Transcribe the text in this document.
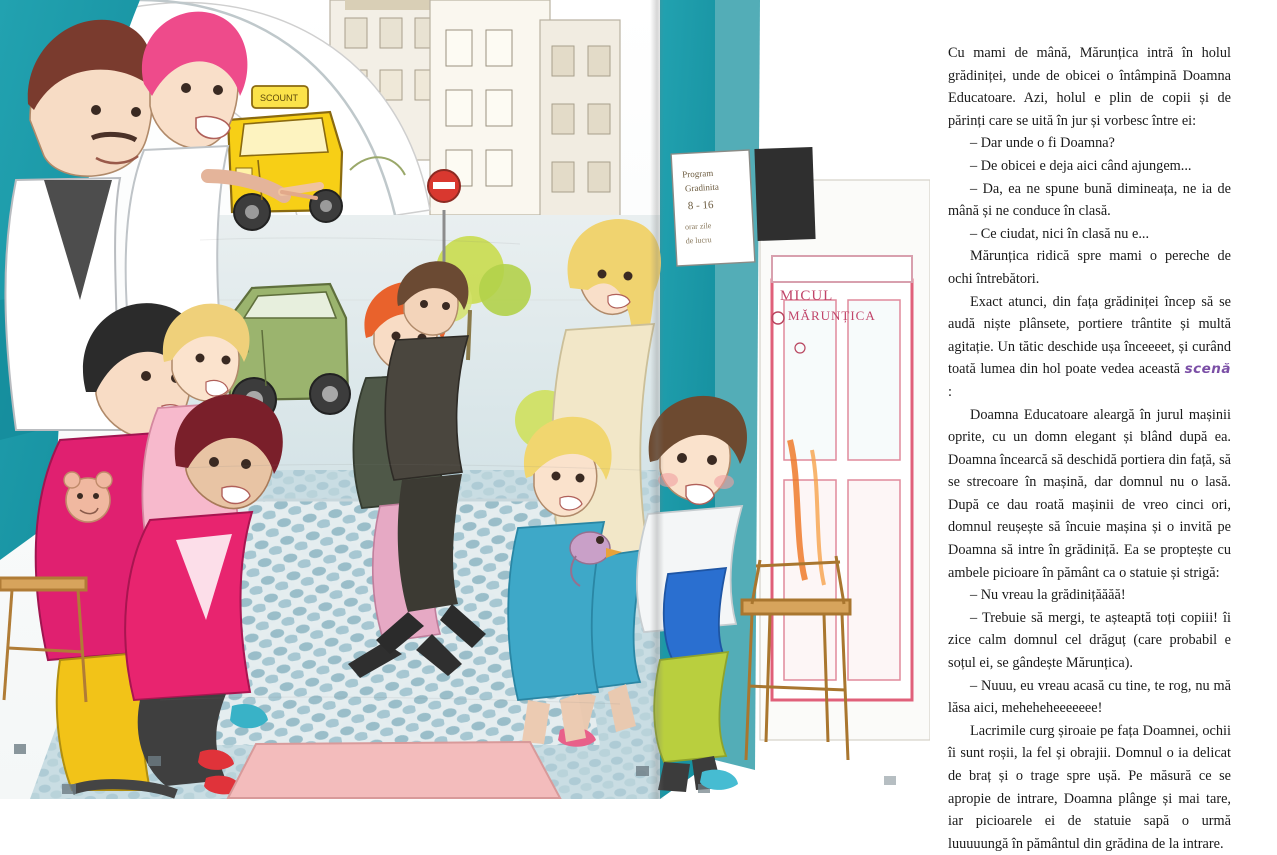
MICUL
MĂRUNȚICA
Program
Gradinita
8 - 16
orar zile
de lucru
SCOUNT

Cu mami de mână, Mărunțica intră în holul grădiniței, unde de obicei o întâmpină Doamna Educatoare. Azi, holul e plin de copii și de părinți care se uită în jur și vorbesc între ei:

– Dar unde o fi Doamna?

– De obicei e deja aici când ajungem...

– Da, ea ne spune bună dimineața, ne ia de mână și ne conduce în clasă.

– Ce ciudat, nici în clasă nu e...

Mărunțica ridică spre mami o pereche de ochi întrebători.

Exact atunci, din fața grădiniței încep să se audă niște plânsete, portiere trântite și multă agitație. Un tătic deschide ușa înceeeet, și curând toată lumea din hol poate vedea această scenă :

Doamna Educatoare aleargă în jurul mașinii oprite, cu un domn elegant și blând după ea. Doamna încearcă să deschidă portiera din față, să se strecoare în mașină, dar domnul nu o lasă. După ce dau roată mașinii de vreo cinci ori, domnul reușește să încuie mașina și o invită pe Doamna să intre în grădiniță. Ea se proptește cu ambele picioare în pământ ca o statuie și strigă:

– Nu vreau la grădinițăăăă!

– Trebuie să mergi, te așteaptă toți copiii! îi zice calm domnul cel drăguț (care probabil e soțul ei, se gândește Mărunțica).

– Nuuu, eu vreau acasă cu tine, te rog, nu mă lăsa aici, meheheheeeeeee!

Lacrimile curg șiroaie pe fața Doamnei, ochii îi sunt roșii, la fel și obrajii. Domnul o ia delicat de braț și o trage spre ușă. Pe măsură ce se apropie de intrare, Doamna plânge și mai tare, iar picioarele ei de statuie sapă o urmă luuuuungă în pământul din grădina de la intrare.
